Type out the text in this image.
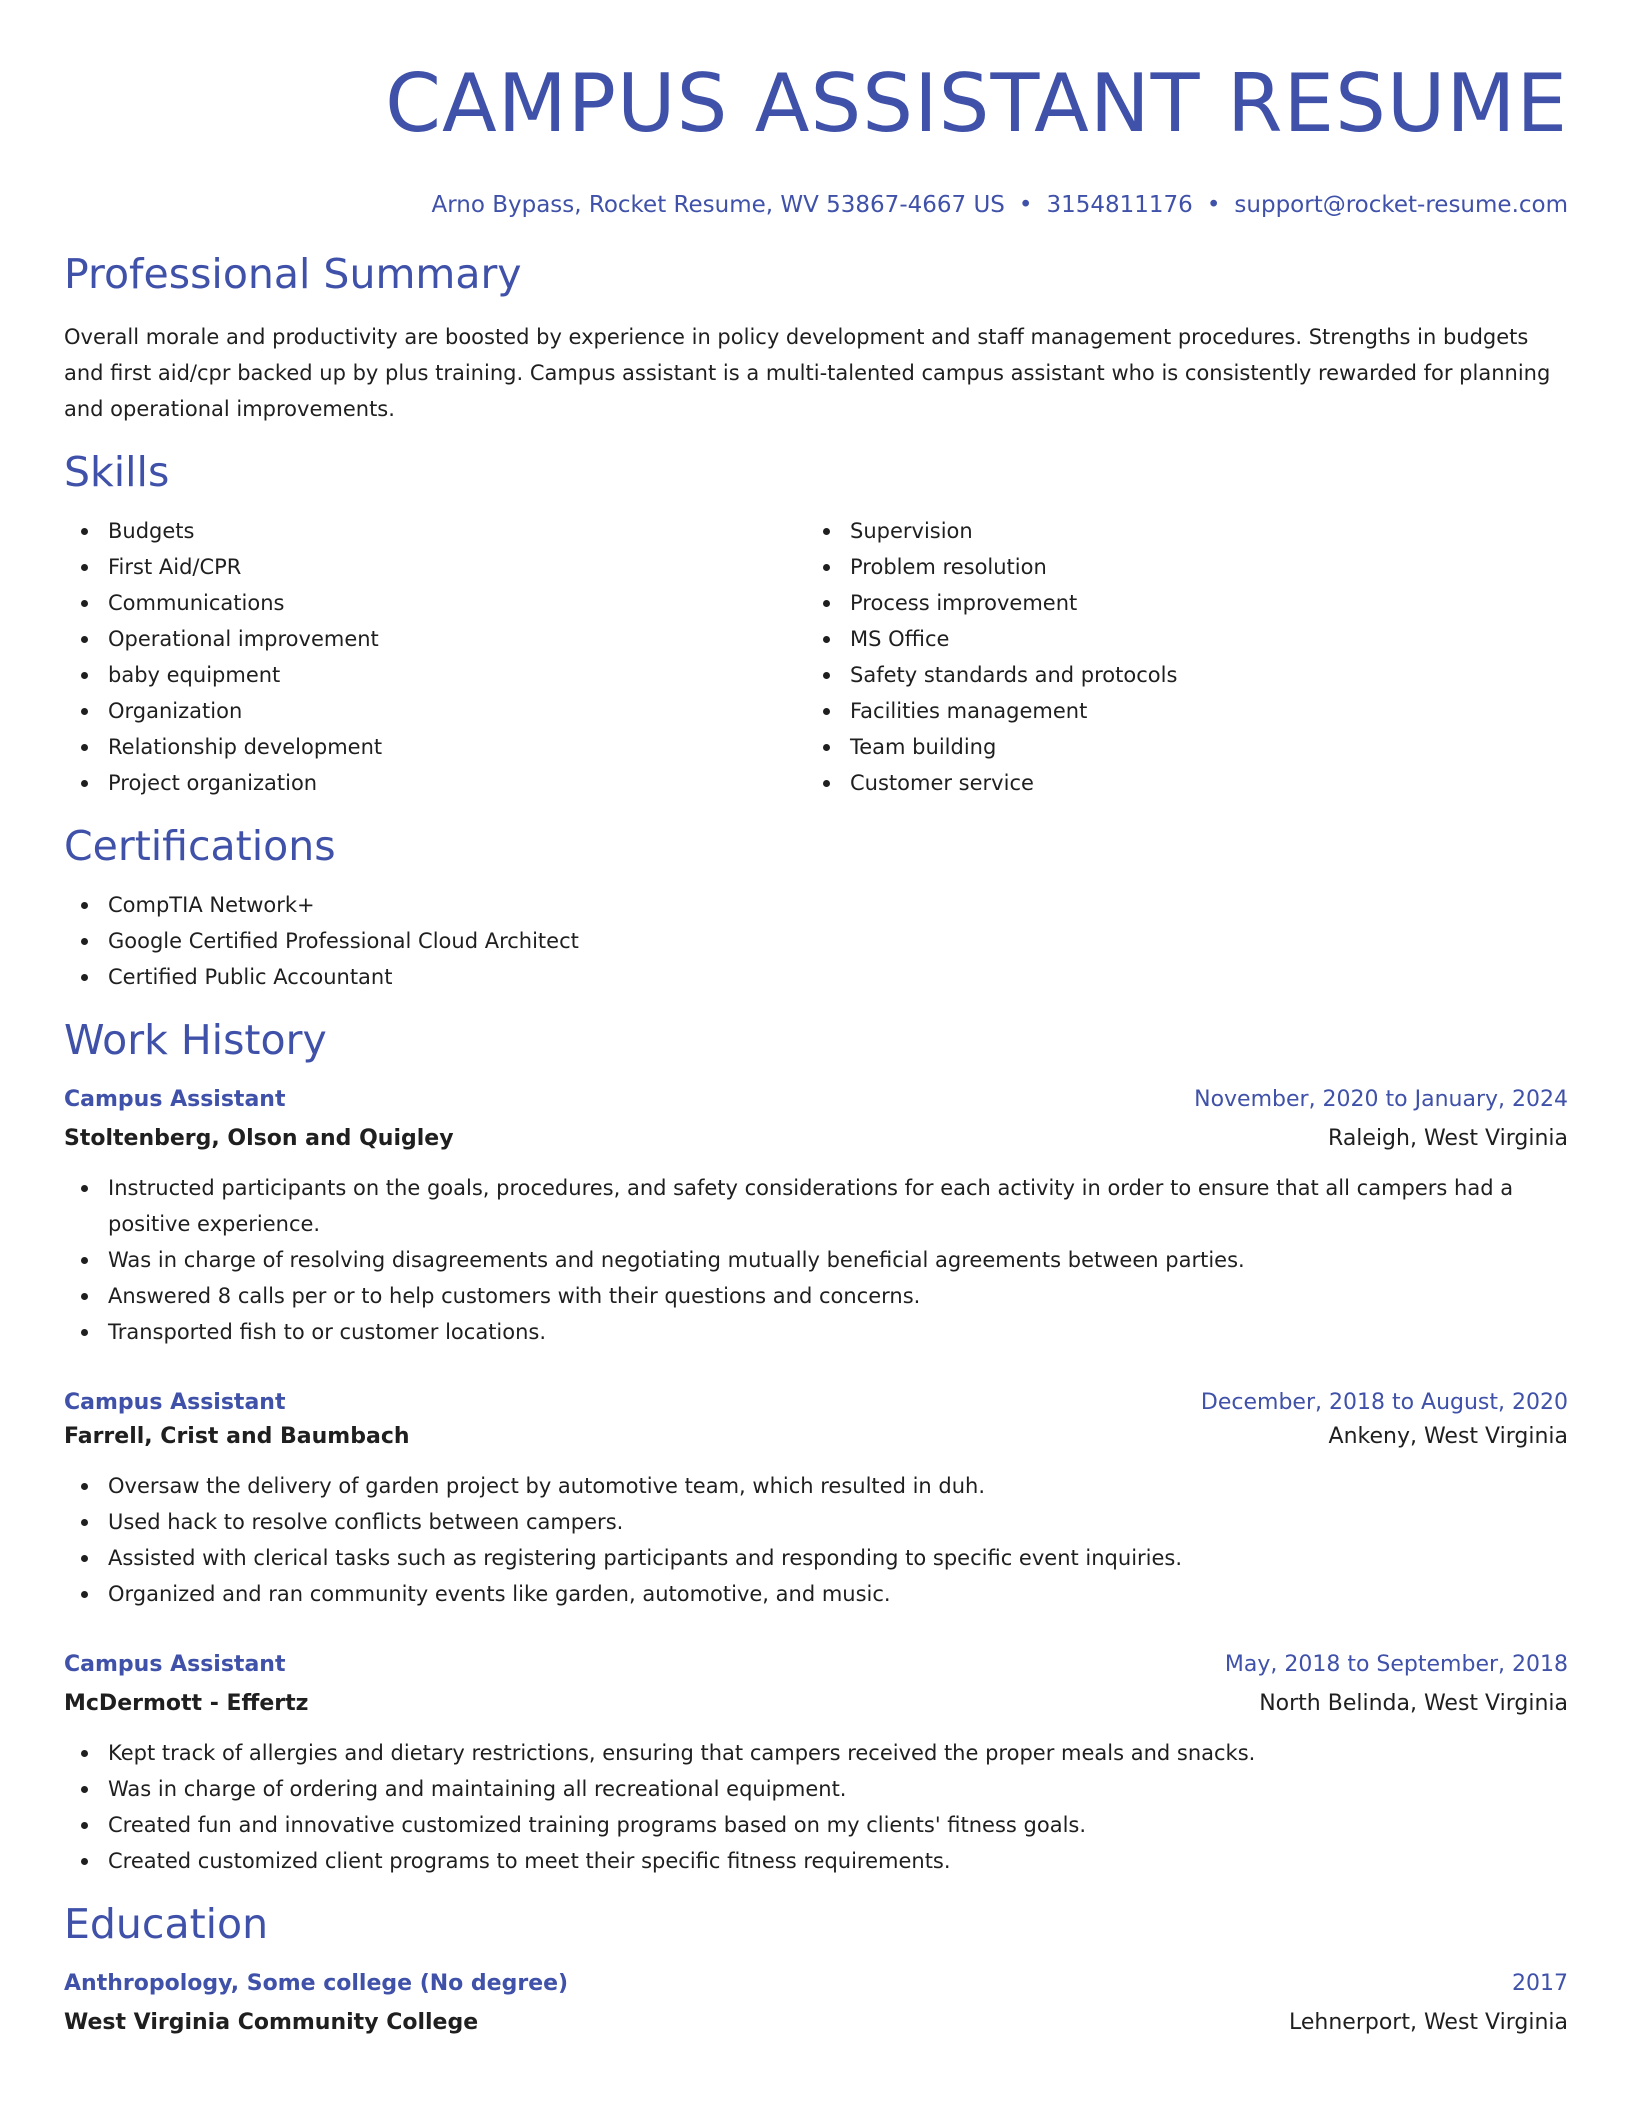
CAMPUS ASSISTANT RESUME
Arno Bypass, Rocket Resume, WV 53867-4667 US • 3154811176 • support@rocket-resume.com
Professional Summary

Overall morale and productivity are boosted by experience in policy development and staff management procedures. Strengths in budgets and first aid/cpr backed up by plus training. Campus assistant is a multi-talented campus assistant who is consistently rewarded for planning and operational improvements.

Skills
Budgets
First Aid/CPR
Communications
Operational improvement
baby equipment
Organization
Relationship development
Project organization
Supervision
Problem resolution
Process improvement
MS Office
Safety standards and protocols
Facilities management
Team building
Customer service
Certifications
CompTIA Network+
Google Certified Professional Cloud Architect
Certified Public Accountant
Work History
Campus Assistant	November, 2020 to January, 2024
Stoltenberg, Olson and Quigley	Raleigh, West Virginia
Instructed participants on the goals, procedures, and safety considerations for each activity in order to ensure that all campers had a positive experience.
Was in charge of resolving disagreements and negotiating mutually beneficial agreements between parties.
Answered 8 calls per or to help customers with their questions and concerns.
Transported fish to or customer locations.
Campus Assistant	December, 2018 to August, 2020
Farrell, Crist and Baumbach	Ankeny, West Virginia
Oversaw the delivery of garden project by automotive team, which resulted in duh.
Used hack to resolve conflicts between campers.
Assisted with clerical tasks such as registering participants and responding to specific event inquiries.
Organized and ran community events like garden, automotive, and music.
Campus Assistant	May, 2018 to September, 2018
McDermott - Effertz	North Belinda, West Virginia
Kept track of allergies and dietary restrictions, ensuring that campers received the proper meals and snacks.
Was in charge of ordering and maintaining all recreational equipment.
Created fun and innovative customized training programs based on my clients' fitness goals.
Created customized client programs to meet their specific fitness requirements.
Education
Anthropology, Some college (No degree)	2017
West Virginia Community College	Lehnerport, West Virginia
